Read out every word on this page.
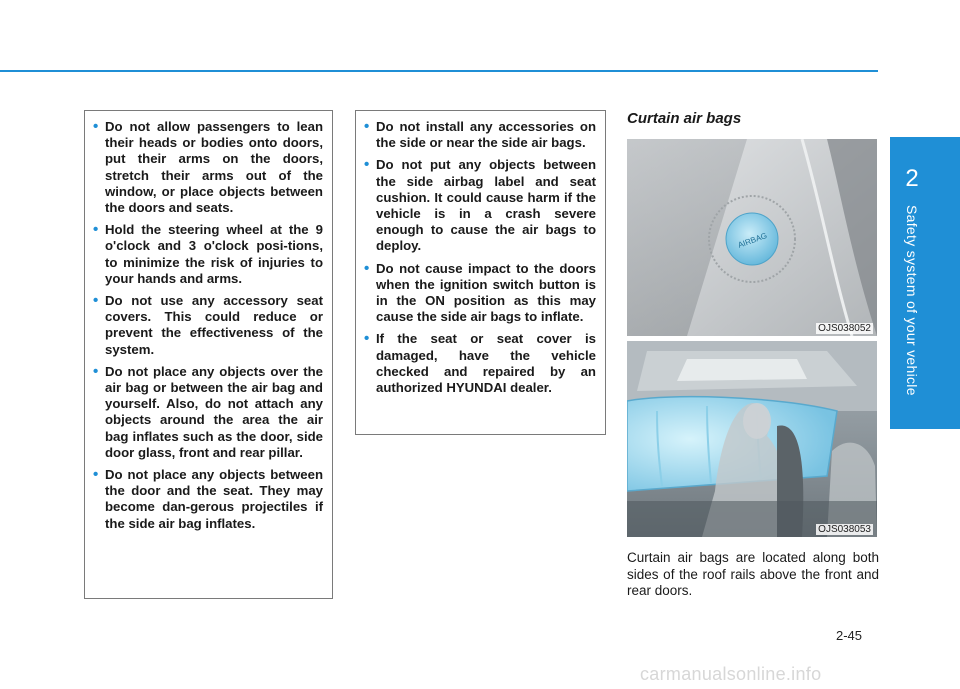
2
Safety system of your vehicle
• Do not allow passengers to lean their heads or bodies onto doors, put their arms on the doors, stretch their arms out of the window, or place objects between the doors and seats.
• Hold the steering wheel at the 9 o'clock and 3 o'clock posi-tions, to minimize the risk of injuries to your hands and arms.
• Do not use any accessory seat covers. This could reduce or prevent the effectiveness of the system.
• Do not place any objects over the air bag or between the air bag and yourself. Also, do not attach any objects around the area the air bag inflates such as the door, side door glass, front and rear pillar.
• Do not place any objects between the door and the seat. They may become dan-gerous projectiles if the side air bag inflates.
• Do not install any accessories on the side or near the side air bags.
• Do not put any objects between the side airbag label and seat cushion. It could cause harm if the vehicle is in a crash severe enough to cause the air bags to deploy.
• Do not cause impact to the doors when the ignition switch button is in the ON position as this may cause the side air bags to inflate.
• If the seat or seat cover is damaged, have the vehicle checked and repaired by an authorized HYUNDAI dealer.
Curtain air bags
AIRBAG
OJS038052
OJS038053
Curtain air bags are located along both sides of the roof rails above the front and rear doors.
2-45
carmanualsonline.info
